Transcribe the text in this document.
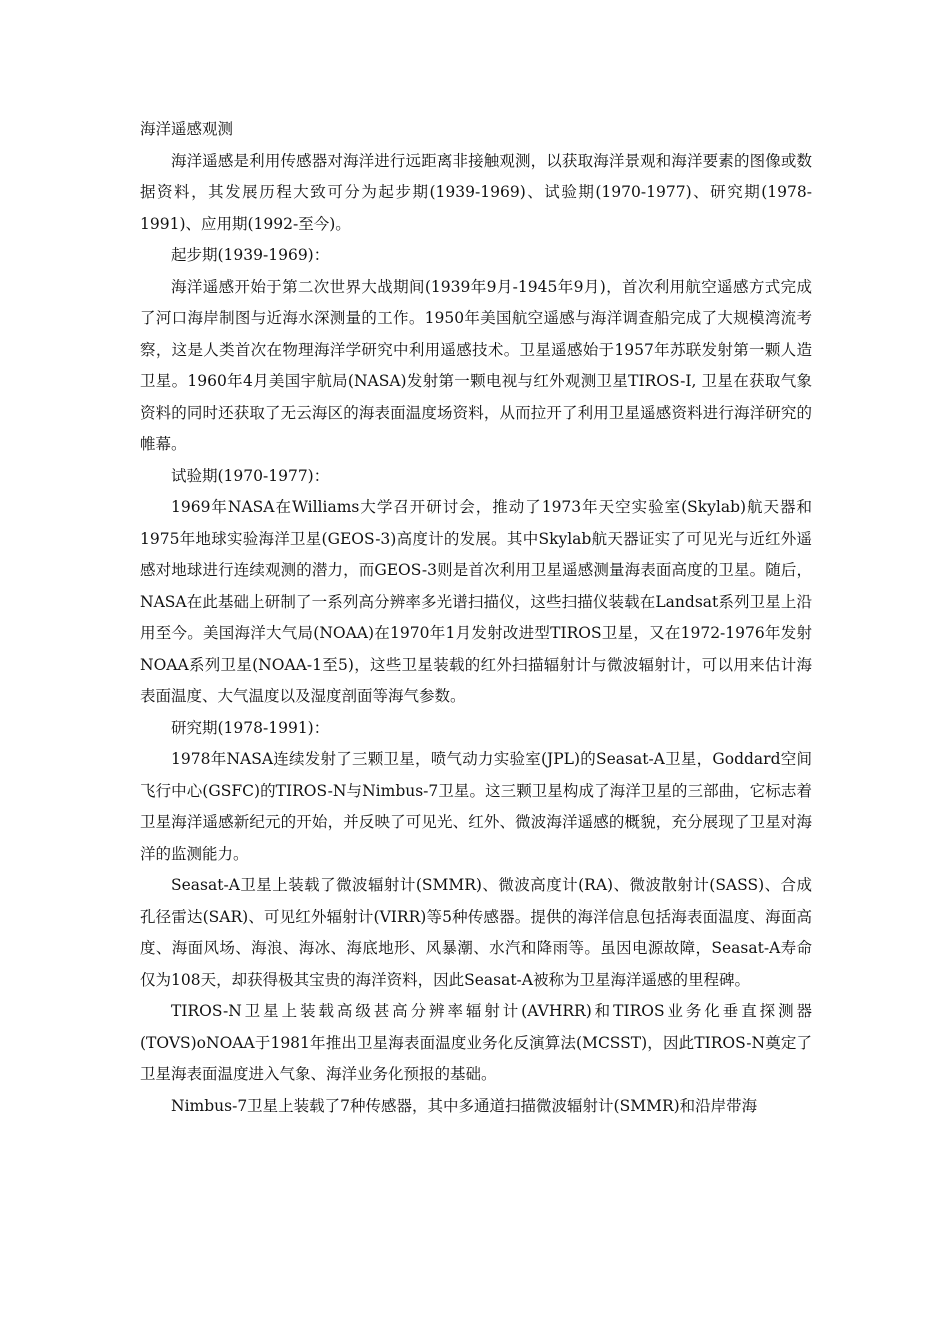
海洋遥感观测

海洋遥感是利用传感器对海洋进行远距离非接触观测，以获取海洋景观和海洋要素的图像或数据资料，其发展历程大致可分为起步期(1939-1969)、试验期(1970-1977)、研究期(1978-1991)、应用期(1992-至今)。

起步期(1939-1969)：

海洋遥感开始于第二次世界大战期间(1939年9月-1945年9月)，首次利用航空遥感方式完成了河口海岸制图与近海水深测量的工作。1950年美国航空遥感与海洋调查船完成了大规模湾流考察，这是人类首次在物理海洋学研究中利用遥感技术。卫星遥感始于1957年苏联发射第一颗人造卫星。1960年4月美国宇航局(NASA)发射第一颗电视与红外观测卫星TIROS-I, 卫星在获取气象资料的同时还获取了无云海区的海表面温度场资料，从而拉开了利用卫星遥感资料进行海洋研究的帷幕。

试验期(1970-1977)：

1969年NASA在Williams大学召开研讨会，推动了1973年天空实验室(Skylab)航天器和1975年地球实验海洋卫星(GEOS-3)高度计的发展。其中Skylab航天器证实了可见光与近红外遥感对地球进行连续观测的潜力，而GEOS-3则是首次利用卫星遥感测量海表面高度的卫星。随后，NASA在此基础上研制了一系列高分辨率多光谱扫描仪，这些扫描仪装载在Landsat系列卫星上沿用至今。美国海洋大气局(NOAA)在1970年1月发射改进型TIROS卫星，又在1972-1976年发射NOAA系列卫星(NOAA-1至5)，这些卫星装载的红外扫描辐射计与微波辐射计，可以用来估计海表面温度、大气温度以及湿度剖面等海气参数。

研究期(1978-1991)：

1978年NASA连续发射了三颗卫星，喷气动力实验室(JPL)的Seasat-A卫星，Goddard空间飞行中心(GSFC)的TIROS-N与Nimbus-7卫星。这三颗卫星构成了海洋卫星的三部曲，它标志着卫星海洋遥感新纪元的开始，并反映了可见光、红外、微波海洋遥感的概貌，充分展现了卫星对海洋的监测能力。

Seasat-A卫星上装载了微波辐射计(SMMR)、微波高度计(RA)、微波散射计(SASS)、合成孔径雷达(SAR)、可见红外辐射计(VIRR)等5种传感器。提供的海洋信息包括海表面温度、海面高度、海面风场、海浪、海冰、海底地形、风暴潮、水汽和降雨等。虽因电源故障，Seasat-A寿命仅为108天，却获得极其宝贵的海洋资料，因此Seasat-A被称为卫星海洋遥感的里程碑。

TIROS-N卫星上装载高级甚高分辨率辐射计(AVHRR)和TIROS业务化垂直探测器(TOVS)oNOAA于1981年推出卫星海表面温度业务化反演算法(MCSST)，因此TIROS-N奠定了卫星海表面温度进入气象、海洋业务化预报的基础。

Nimbus-7卫星上装载了7种传感器，其中多通道扫描微波辐射计(SMMR)和沿岸带海
